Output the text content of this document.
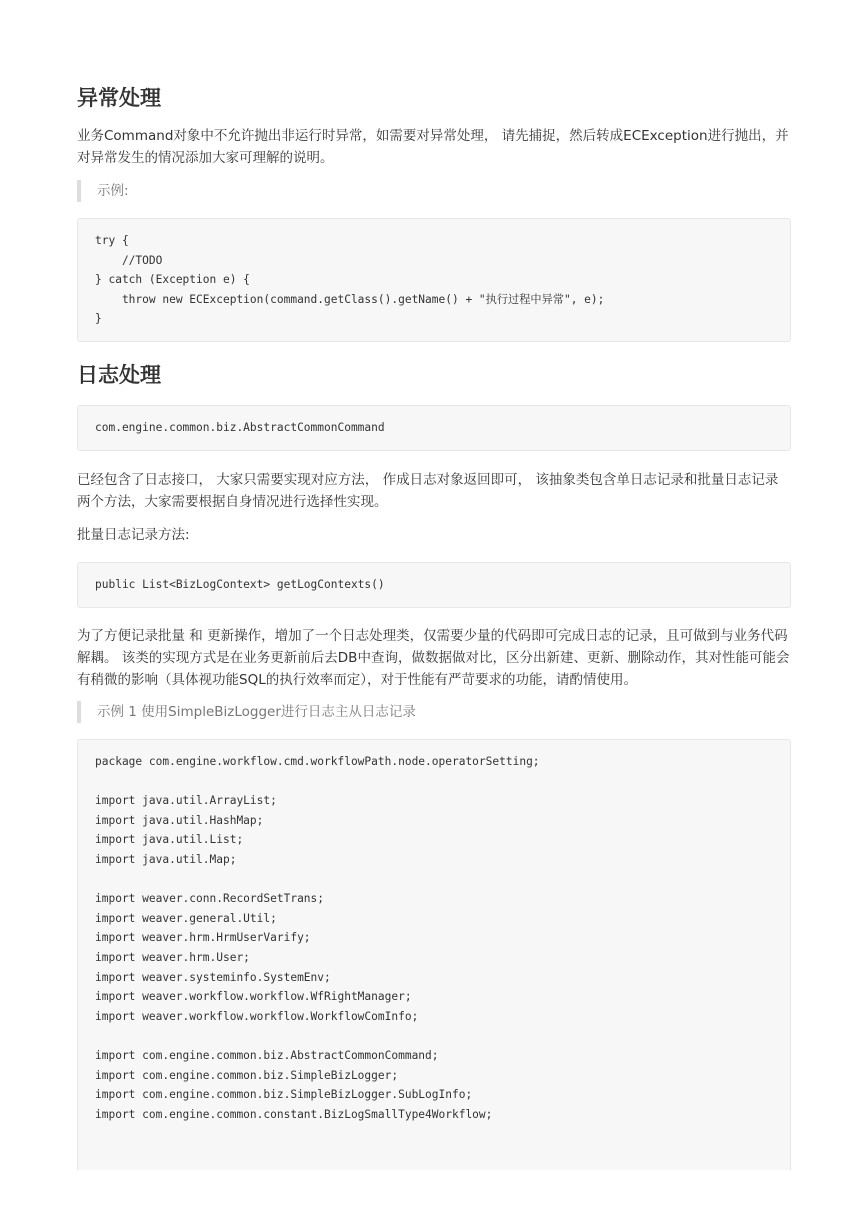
异常处理

业务Command对象中不允许抛出非运行时异常，如需要对异常处理， 请先捕捉，然后转成ECException进行抛出，并对异常发生的情况添加大家可理解的说明。

示例:
try {
//TODO
} catch (Exception e) {
throw new ECException(command.getClass().getName() + "执行过程中异常", e);
}
日志处理
com.engine.common.biz.AbstractCommonCommand

已经包含了日志接口， 大家只需要实现对应方法， 作成日志对象返回即可， 该抽象类包含单日志记录和批量日志记录两个方法，大家需要根据自身情况进行选择性实现。

批量日志记录方法:

public List<BizLogContext> getLogContexts()

为了方便记录批量 和 更新操作，增加了一个日志处理类，仅需要少量的代码即可完成日志的记录，且可做到与业务代码解耦。 该类的实现方式是在业务更新前后去DB中查询，做数据做对比，区分出新建、更新、删除动作，其对性能可能会有稍微的影响（具体视功能SQL的执行效率而定），对于性能有严苛要求的功能，请酌情使用。

示例 1 使用SimpleBizLogger进行日志主从日志记录
package com.engine.workflow.cmd.workflowPath.node.operatorSetting;

import java.util.ArrayList;
import java.util.HashMap;
import java.util.List;
import java.util.Map;

import weaver.conn.RecordSetTrans;
import weaver.general.Util;
import weaver.hrm.HrmUserVarify;
import weaver.hrm.User;
import weaver.systeminfo.SystemEnv;
import weaver.workflow.workflow.WfRightManager;
import weaver.workflow.workflow.WorkflowComInfo;

import com.engine.common.biz.AbstractCommonCommand;
import com.engine.common.biz.SimpleBizLogger;
import com.engine.common.biz.SimpleBizLogger.SubLogInfo;
import com.engine.common.constant.BizLogSmallType4Workflow;
